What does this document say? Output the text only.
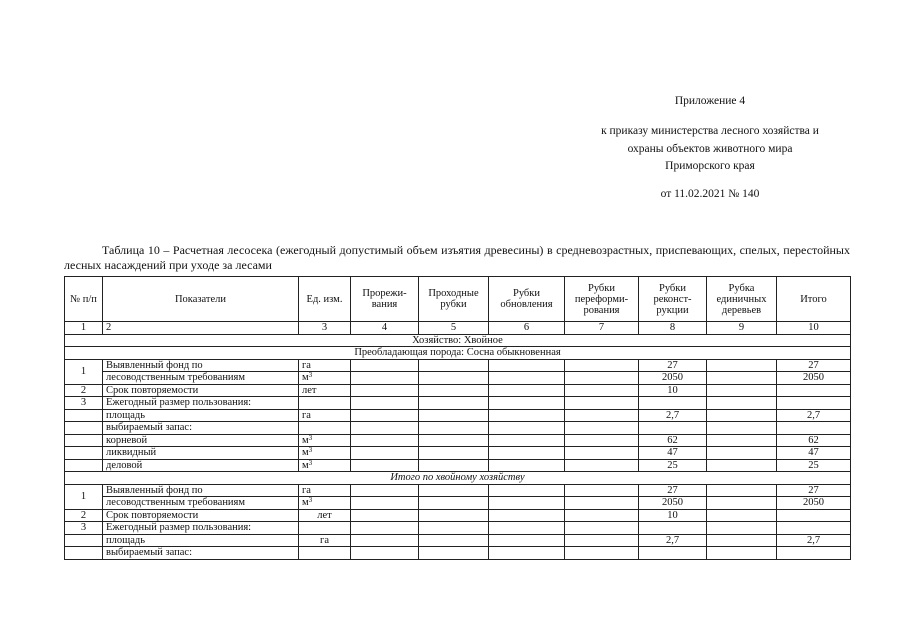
Приложение 4
к приказу министерства лесного хозяйства и
охраны объектов животного мира
Приморского края
от 11.02.2021 № 140
Таблица 10 – Расчетная лесосека (ежегодный допустимый объем изъятия древесины) в средневозрастных, приспевающих, спелых, перестойных лесных насаждений при уходе за лесами
№ п/п	Показатели	Ед. изм.	Прорежи-вания	Проходные рубки	Рубки обновления	Рубки переформи-рования	Рубки реконст-рукции	Рубка единичных деревьев	Итого
1	2	3	4	5	6	7	8	9	10
Хозяйство: Хвойное									
Преобладающая порода: Сосна обыкновенная									
1	Выявленный фонд по	га					27		27
	лесоводственным требованиям	$м^3$					2050		2050
2	Срок повторяемости	лет					10		
3	Ежегодный размер пользования:								
	площадь	га					2,7		2,7
	выбираемый запас:								
	корневой	$м^3$					62		62
	ликвидный	$м^3$					47		47
	деловой	$м^3$					25		25
Итого по хвойному хозяйству									
1	Выявленный фонд по	га					27		27
	лесоводственным требованиям	$м^3$					2050		2050
2	Срок повторяемости	лет					10		
3	Ежегодный размер пользования:								
	площадь	га					2,7		2,7
	выбираемый запас:								
